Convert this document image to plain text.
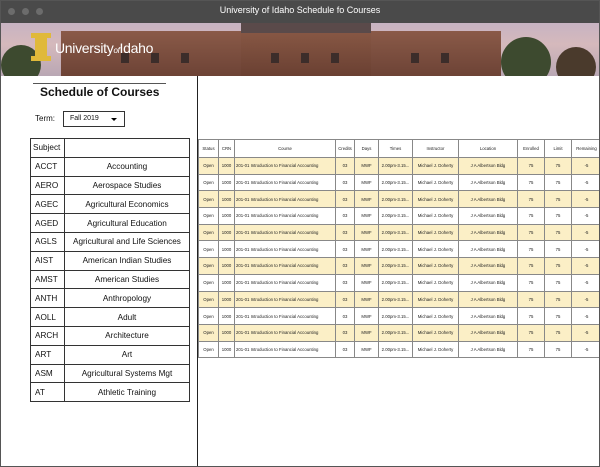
University of Idaho Schedule fo Courses
UniversityofIdaho
Schedule of Courses
Term:	Fall 2019
Subject	
ACCT	Accounting
AERO	Aerospace Studies
AGEC	Agricultural Economics
AGED	Agricultural Education
AGLS	Agricultural and Life Sciences
AIST	American Indian Studies
AMST	American Studies
ANTH	Anthropology
AOLL	Adult
ARCH	Architecture
ART	Art
ASM	Agricultural Systems Mgt
AT	Athletic Training
Status	CRN	Course	Credits	Days	Times	Instructor	Location	Enrolled	Limit	Remaining
Open	1000	201-01 Introduction to Financial Accounting	03	MWF	2.00pm-3.15...	Michael J. Doherty	J A Albertson Bldg	75	75	-5
Open	1000	201-01 Introduction to Financial Accounting	03	MWF	2.00pm-3.15...	Michael J. Doherty	J A Albertson Bldg	75	75	-5
Open	1000	201-01 Introduction to Financial Accounting	03	MWF	2.00pm-3.15...	Michael J. Doherty	J A Albertson Bldg	75	75	-5
Open	1000	201-01 Introduction to Financial Accounting	03	MWF	2.00pm-3.15...	Michael J. Doherty	J A Albertson Bldg	75	75	-5
Open	1000	201-01 Introduction to Financial Accounting	03	MWF	2.00pm-3.15...	Michael J. Doherty	J A Albertson Bldg	75	75	-5
Open	1000	201-01 Introduction to Financial Accounting	03	MWF	2.00pm-3.15...	Michael J. Doherty	J A Albertson Bldg	75	75	-5
Open	1000	201-01 Introduction to Financial Accounting	03	MWF	2.00pm-3.15...	Michael J. Doherty	J A Albertson Bldg	75	75	-5
Open	1000	201-01 Introduction to Financial Accounting	03	MWF	2.00pm-3.15...	Michael J. Doherty	J A Albertson Bldg	75	75	-5
Open	1000	201-01 Introduction to Financial Accounting	03	MWF	2.00pm-3.15...	Michael J. Doherty	J A Albertson Bldg	75	75	-5
Open	1000	201-01 Introduction to Financial Accounting	03	MWF	2.00pm-3.15...	Michael J. Doherty	J A Albertson Bldg	75	75	-5
Open	1000	201-01 Introduction to Financial Accounting	03	MWF	2.00pm-3.15...	Michael J. Doherty	J A Albertson Bldg	75	75	-5
Open	1000	201-01 Introduction to Financial Accounting	03	MWF	2.00pm-3.15...	Michael J. Doherty	J A Albertson Bldg	75	75	-5
